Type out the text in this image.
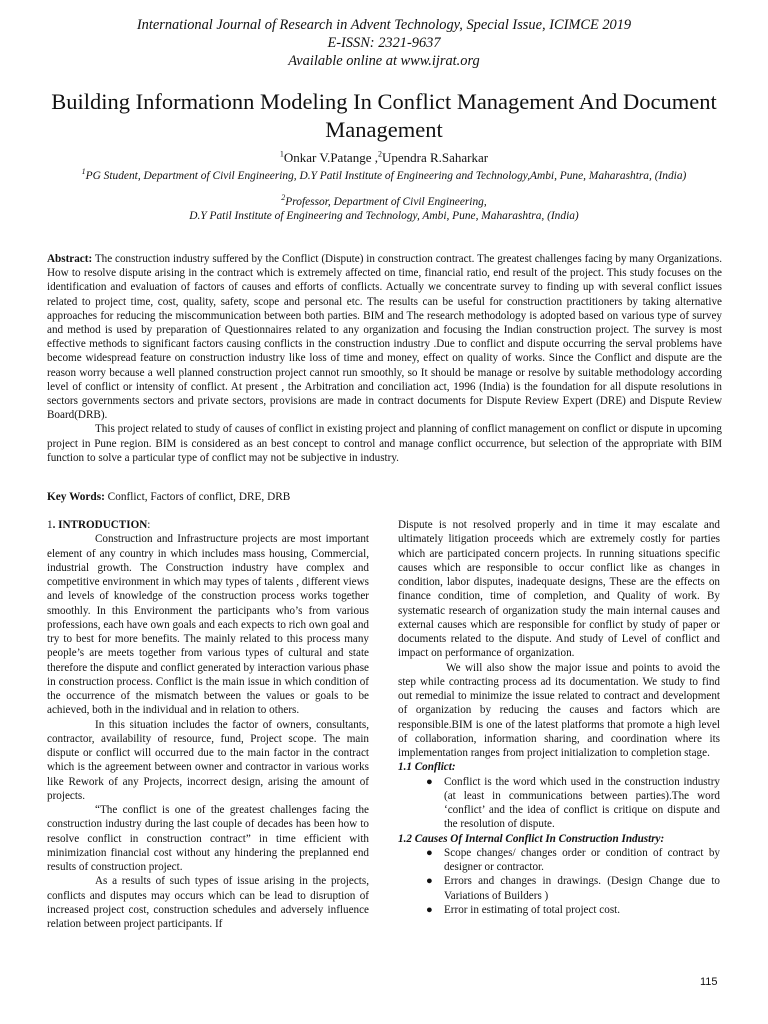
International Journal of Research in Advent Technology, Special Issue, ICIMCE 2019
E-ISSN: 2321-9637
Available online at www.ijrat.org
Building Informationn Modeling In Conflict Management And Document Management
$^1$Onkar V.Patange ,$^2$Upendra R.Saharkar
$^1$PG Student, Department of Civil Engineering, D.Y Patil Institute of Engineering and Technology,Ambi, Pune, Maharashtra, (India)
$^2$Professor, Department of Civil Engineering,
D.Y Patil Institute of Engineering and Technology, Ambi, Pune, Maharashtra, (India)

Abstract: The construction industry suffered by the Conflict (Dispute) in construction contract. The greatest challenges facing by many Organizations. How to resolve dispute arising in the contract which is extremely affected on time, financial ratio, end result of the project. This study focuses on the identification and evaluation of factors of causes and efforts of conflicts. Actually we concentrate survey to finding up with several conflict issues related to project time, cost, quality, safety, scope and personal etc. The results can be useful for construction practitioners by taking alternative approaches for reducing the miscommunication between both parties. BIM and The research methodology is adopted based on various type of survey and method is used by preparation of Questionnaires related to any organization and focusing the Indian construction project. The survey is most effective methods to significant factors causing conflicts in the construction industry .Due to conflict and dispute occurring the serval problems have become widespread feature on construction industry like loss of time and money, effect on quality of works. Since the Conflict and dispute are the reason worry because a well planned construction project cannot run smoothly, so It should be manage or resolve by suitable methodology according level of conflict or intensity of conflict. At present , the Arbitration and conciliation act, 1996 (India) is the foundation for all dispute resolutions in sectors governments sectors and private sectors, provisions are made in contract documents for Dispute Review Expert (DRE) and Dispute Review Board(DRB).

This project related to study of causes of conflict in existing project and planning of conflict management on conflict or dispute in upcoming project in Pune region. BIM is considered as an best concept to control and manage conflict occurrence, but selection of the appropriate with BIM function to solve a particular type of conflict may not be subjective in industry.

Key Words: Conflict, Factors of conflict, DRE, DRB

1. INTRODUCTION:

Construction and Infrastructure projects are most important element of any country in which includes mass housing, Commercial, industrial growth. The Construction industry have complex and competitive environment in which may types of talents , different views and levels of knowledge of the construction process works together smoothly. In this Environment the participants who’s from various professions, each have own goals and each expects to rich own goal and try to best for more benefits. The mainly related to this process many people’s are meets together from various types of cultural and state therefore the dispute and conflict generated by interaction various phase in construction process. Conflict is the main issue in which condition of the occurrence of the mismatch between the values or goals to be achieved, both in the individual and in relation to others.

In this situation includes the factor of owners, consultants, contractor, availability of resource, fund, Project scope. The main dispute or conflict will occurred due to the main factor in the contract which is the agreement between owner and contractor in various works like Rework of any Projects, incorrect design, arising the amount of projects.

“The conflict is one of the greatest challenges facing the construction industry during the last couple of decades has been how to resolve conflict in construction contract” in time efficient with minimization financial cost without any hindering the preplanned end results of construction project.

As a results of such types of issue arising in the projects, conflicts and disputes may occurs which can be lead to disruption of increased project cost, construction schedules and adversely influence relation between project participants. If

Dispute is not resolved properly and in time it may escalate and ultimately litigation proceeds which are extremely costly for parties which are participated concern projects. In running situations specific causes which are responsible to occur conflict like as changes in condition, labor disputes, inadequate designs, These are the effects on finance condition, time of completion, and Quality of work. By systematic research of organization study the main internal causes and external causes which are responsible for conflict by study of paper or documents related to the dispute. And study of Level of conflict and impact on performance of organization.

We will also show the major issue and points to avoid the step while contracting process ad its documentation. We study to find out remedial to minimize the issue related to contract and development of organization by reducing the causes and factors which are responsible.BIM is one of the latest platforms that promote a high level of collaboration, information sharing, and coordination where its implementation ranges from project initialization to completion stage.

1.1 Conflict:

● Conflict is the word which used in the construction industry (at least in communications between parties).The word ‘conflict’ and the idea of conflict is critique on dispute and the resolution of dispute.

1.2 Causes Of Internal Conflict In Construction Industry:

● Scope changes/ changes order or condition of contract by designer or contractor.
● Errors and changes in drawings. (Design Change due to Variations of Builders )
● Error in estimating of total project cost.
115
